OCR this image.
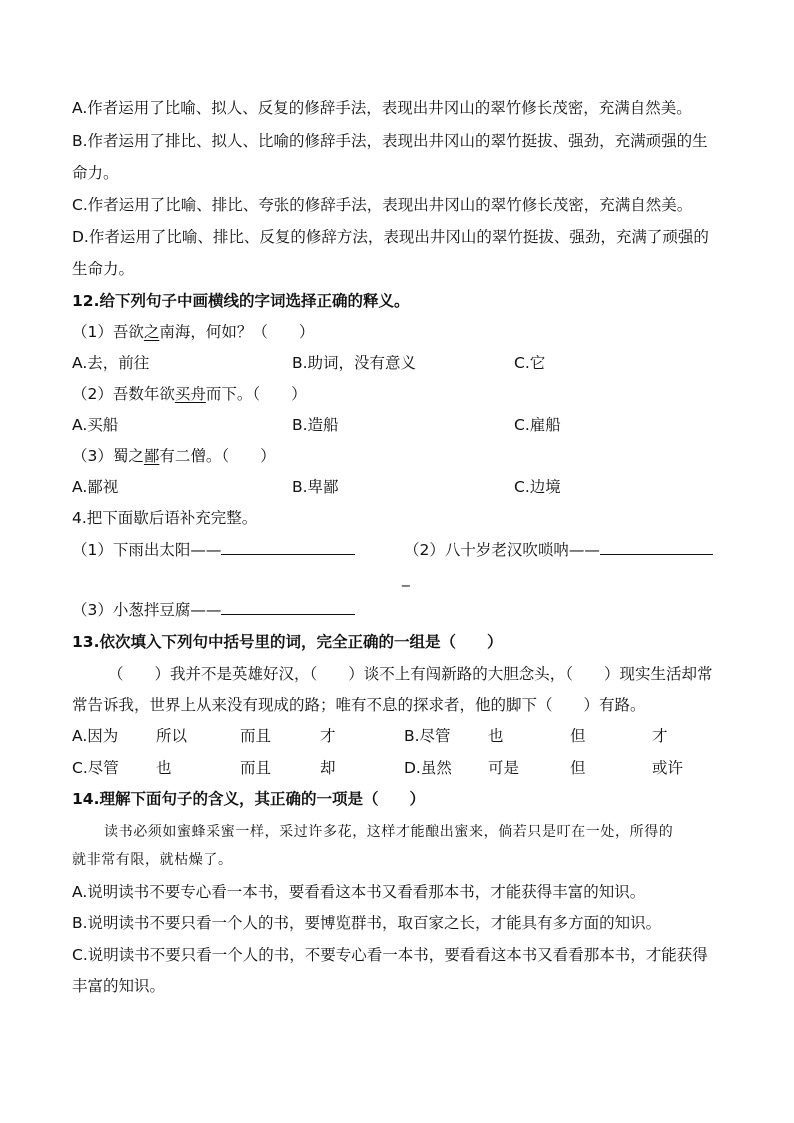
A.作者运用了比喻、拟人、反复的修辞手法，表现出井冈山的翠竹修长茂密，充满自然美。
B.作者运用了排比、拟人、比喻的修辞手法，表现出井冈山的翠竹挺拔、强劲，充满顽强的生
命力。
C.作者运用了比喻、排比、夸张的修辞手法，表现出井冈山的翠竹修长茂密，充满自然美。
D.作者运用了比喻、排比、反复的修辞方法，表现出井冈山的翠竹挺拔、强劲，充满了顽强的
生命力。
12.给下列句子中画横线的字词选择正确的释义。
（1）吾欲之南海，何如？（　　）
A.去，前往	B.助词，没有意义	C.它
（2）吾数年欲买舟而下。（　　）
A.买船	B.造船	C.雇船
（3）蜀之鄙有二僧。（　　）
A.鄙视	B.卑鄙	C.边境
4.把下面歇后语补充完整。
（1）下雨出太阳——	（2）八十岁老汉吹唢呐——
_
（3）小葱拌豆腐——
13.依次填入下列句中括号里的词，完全正确的一组是（　　）
（　　）我并不是英雄好汉，（　　）谈不上有闯新路的大胆念头，（　　）现实生活却常
常告诉我，世界上从来没有现成的路；唯有不息的探求者，他的脚下（　　）有路。
A.因为 所以	而且	才	B.尽管 也	但	才
C.尽管 也	而且	却	D.虽然 可是	但	或许
14.理解下面句子的含义，其正确的一项是（　　）
读书必须如蜜蜂采蜜一样，采过许多花，这样才能酿出蜜来，倘若只是叮在一处，所得的
就非常有限，就枯燥了。
A.说明读书不要专心看一本书，要看看这本书又看看那本书，才能获得丰富的知识。
B.说明读书不要只看一个人的书，要博览群书，取百家之长，才能具有多方面的知识。
C.说明读书不要只看一个人的书，不要专心看一本书，要看看这本书又看看那本书，才能获得
丰富的知识。
